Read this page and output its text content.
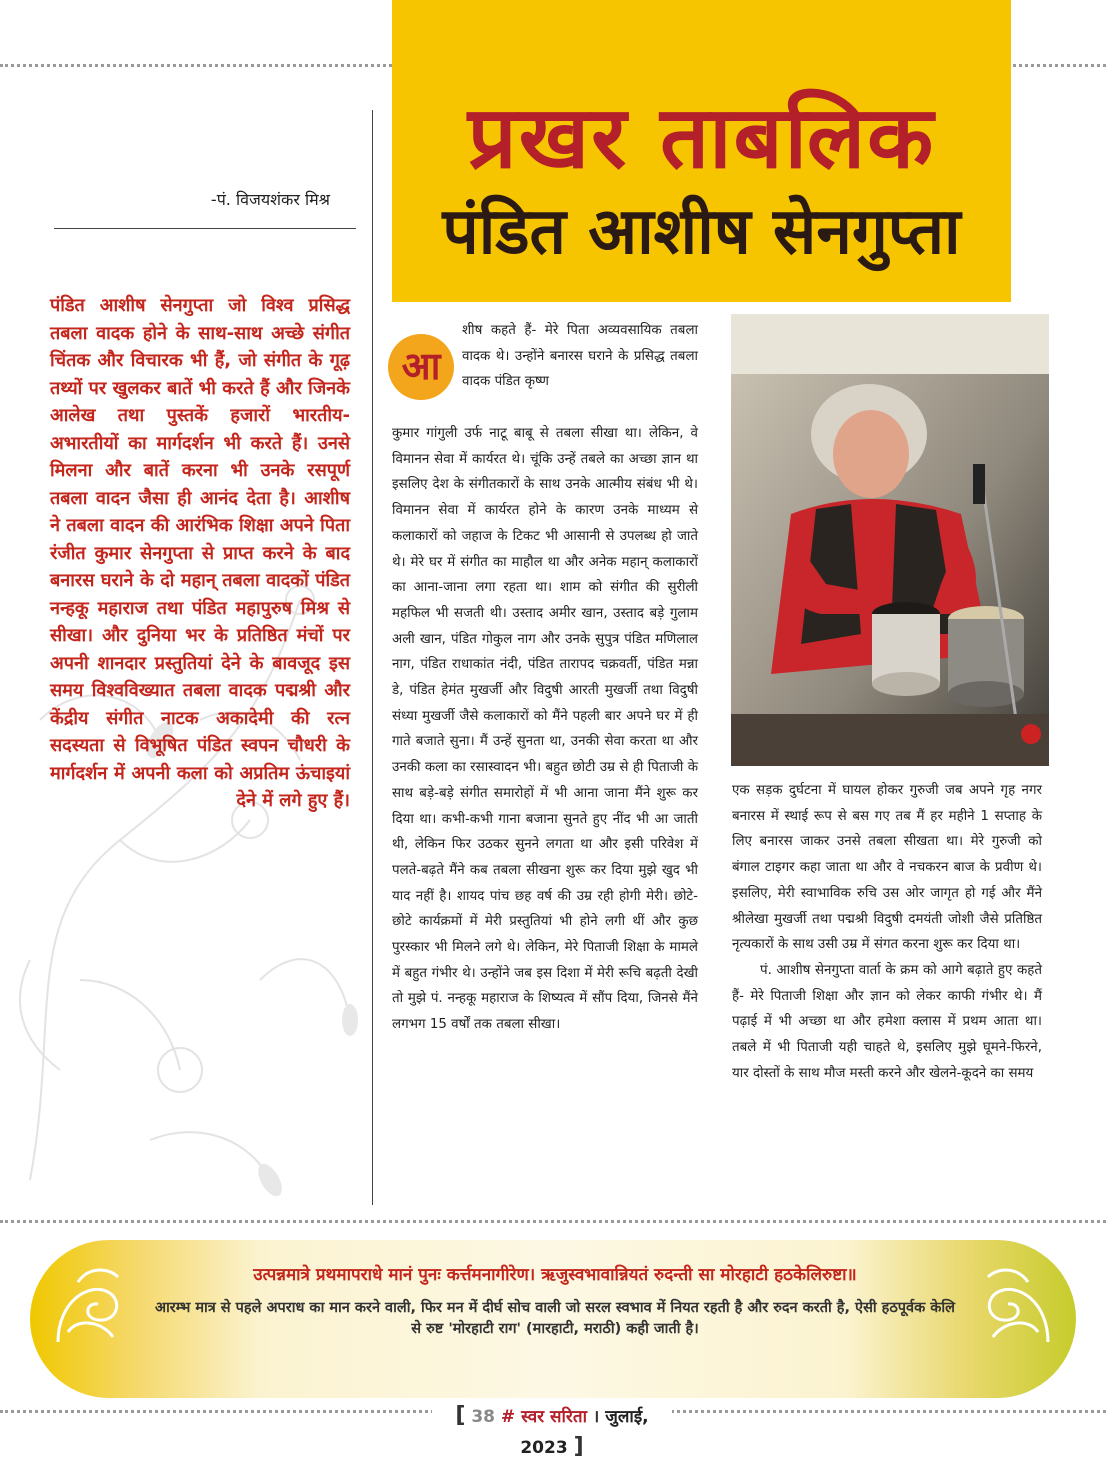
प्रखर ताबलिक
पंडित आशीष सेनगुप्ता
-पं. विजयशंकर मिश्र
पंडित आशीष सेनगुप्ता जो विश्व प्रसिद्ध तबला वादक होने के साथ-साथ अच्छे संगीत चिंतक और विचारक भी हैं, जो संगीत के गूढ़ तथ्यों पर खुलकर बातें भी करते हैं और जिनके आलेख तथा पुस्तकें हजारों भारतीय-अभारतीयों का मार्गदर्शन भी करते हैं। उनसे मिलना और बातें करना भी उनके रसपूर्ण तबला वादन जैसा ही आनंद देता है। आशीष ने तबला वादन की आरंभिक शिक्षा अपने पिता रंजीत कुमार सेनगुप्ता से प्राप्त करने के बाद बनारस घराने के दो महान् तबला वादकों पंडित नन्हकू महाराज तथा पंडित महापुरुष मिश्र से सीखा। और दुनिया भर के प्रतिष्ठित मंचों पर अपनी शानदार प्रस्तुतियां देने के बावजूद इस समय विश्वविख्यात तबला वादक पद्मश्री और केंद्रीय संगीत नाटक अकादेमी की रत्न सदस्यता से विभूषित पंडित स्वपन चौधरी के मार्गदर्शन में अपनी कला को अप्रतिम ऊंचाइयां देने में लगे हुए हैं।
आ
शीष कहते हैं- मेरे पिता अव्यवसायिक तबला वादक थे। उन्होंने बनारस घराने के प्रसिद्ध तबला वादक पंडित कृष्ण
कुमार गांगुली उर्फ नाटू बाबू से तबला सीखा था। लेकिन, वे विमानन सेवा में कार्यरत थे। चूंकि उन्हें तबले का अच्छा ज्ञान था इसलिए देश के संगीतकारों के साथ उनके आत्मीय संबंध भी थे। विमानन सेवा में कार्यरत होने के कारण उनके माध्यम से कलाकारों को जहाज के टिकट भी आसानी से उपलब्ध हो जाते थे। मेरे घर में संगीत का माहौल था और अनेक महान् कलाकारों का आना-जाना लगा रहता था। शाम को संगीत की सुरीली महफिल भी सजती थी। उस्ताद अमीर खान, उस्ताद बड़े गुलाम अली खान, पंडित गोकुल नाग और उनके सुपुत्र पंडित मणिलाल नाग, पंडित राधाकांत नंदी, पंडित तारापद चक्रवर्ती, पंडित मन्ना डे, पंडित हेमंत मुखर्जी और विदुषी आरती मुखर्जी तथा विदुषी संध्या मुखर्जी जैसे कलाकारों को मैंने पहली बार अपने घर में ही गाते बजाते सुना। मैं उन्हें सुनता था, उनकी सेवा करता था और उनकी कला का रसास्वादन भी। बहुत छोटी उम्र से ही पिताजी के साथ बड़े-बड़े संगीत समारोहों में भी आना जाना मैंने शुरू कर दिया था। कभी-कभी गाना बजाना सुनते हुए नींद भी आ जाती थी, लेकिन फिर उठकर सुनने लगता था और इसी परिवेश में पलते-बढ़ते मैंने कब तबला सीखना शुरू कर दिया मुझे खुद भी याद नहीं है। शायद पांच छह वर्ष की उम्र रही होगी मेरी। छोटे-छोटे कार्यक्रमों में मेरी प्रस्तुतियां भी होने लगी थीं और कुछ पुरस्कार भी मिलने लगे थे। लेकिन, मेरे पिताजी शिक्षा के मामले में बहुत गंभीर थे। उन्होंने जब इस दिशा में मेरी रूचि बढ़ती देखी तो मुझे पं. नन्हकू महाराज के शिष्यत्व में सौंप दिया, जिनसे मैंने लगभग 15 वर्षों तक तबला सीखा।
एक सड़क दुर्घटना में घायल होकर गुरुजी जब अपने गृह नगर बनारस में स्थाई रूप से बस गए तब मैं हर महीने 1 सप्ताह के लिए बनारस जाकर उनसे तबला सीखता था। मेरे गुरुजी को बंगाल टाइगर कहा जाता था और वे नचकरन बाज के प्रवीण थे। इसलिए, मेरी स्वाभाविक रुचि उस ओर जागृत हो गई और मैंने श्रीलेखा मुखर्जी तथा पद्मश्री विदुषी दमयंती जोशी जैसे प्रतिष्ठित नृत्यकारों के साथ उसी उम्र में संगत करना शुरू कर दिया था।
पं. आशीष सेनगुप्ता वार्ता के क्रम को आगे बढ़ाते हुए कहते हैं- मेरे पिताजी शिक्षा और ज्ञान को लेकर काफी गंभीर थे। मैं पढ़ाई में भी अच्छा था और हमेशा क्लास में प्रथम आता था। तबले में भी पिताजी यही चाहते थे, इसलिए मुझे घूमने-फिरने, यार दोस्तों के साथ मौज मस्ती करने और खेलने-कूदने का समय
उत्पन्नमात्रे प्रथमापराधे मानं पुनः कर्त्तमनागीरेण। ऋजुस्वभावान्नियतं रुदन्ती सा मोरहाटी हठकेलिरुष्टा॥
आरम्भ मात्र से पहले अपराध का मान करने वाली, फिर मन में दीर्घ सोच वाली जो सरल स्वभाव में नियत रहती है और रुदन करती है, ऐसी हठपूर्वक केलि से रुष्ट 'मोरहाटी राग' (मारहाटी, मराठी) कही जाती है।
[ 38 # स्वर सरिता । जुलाई, 2023 ]
